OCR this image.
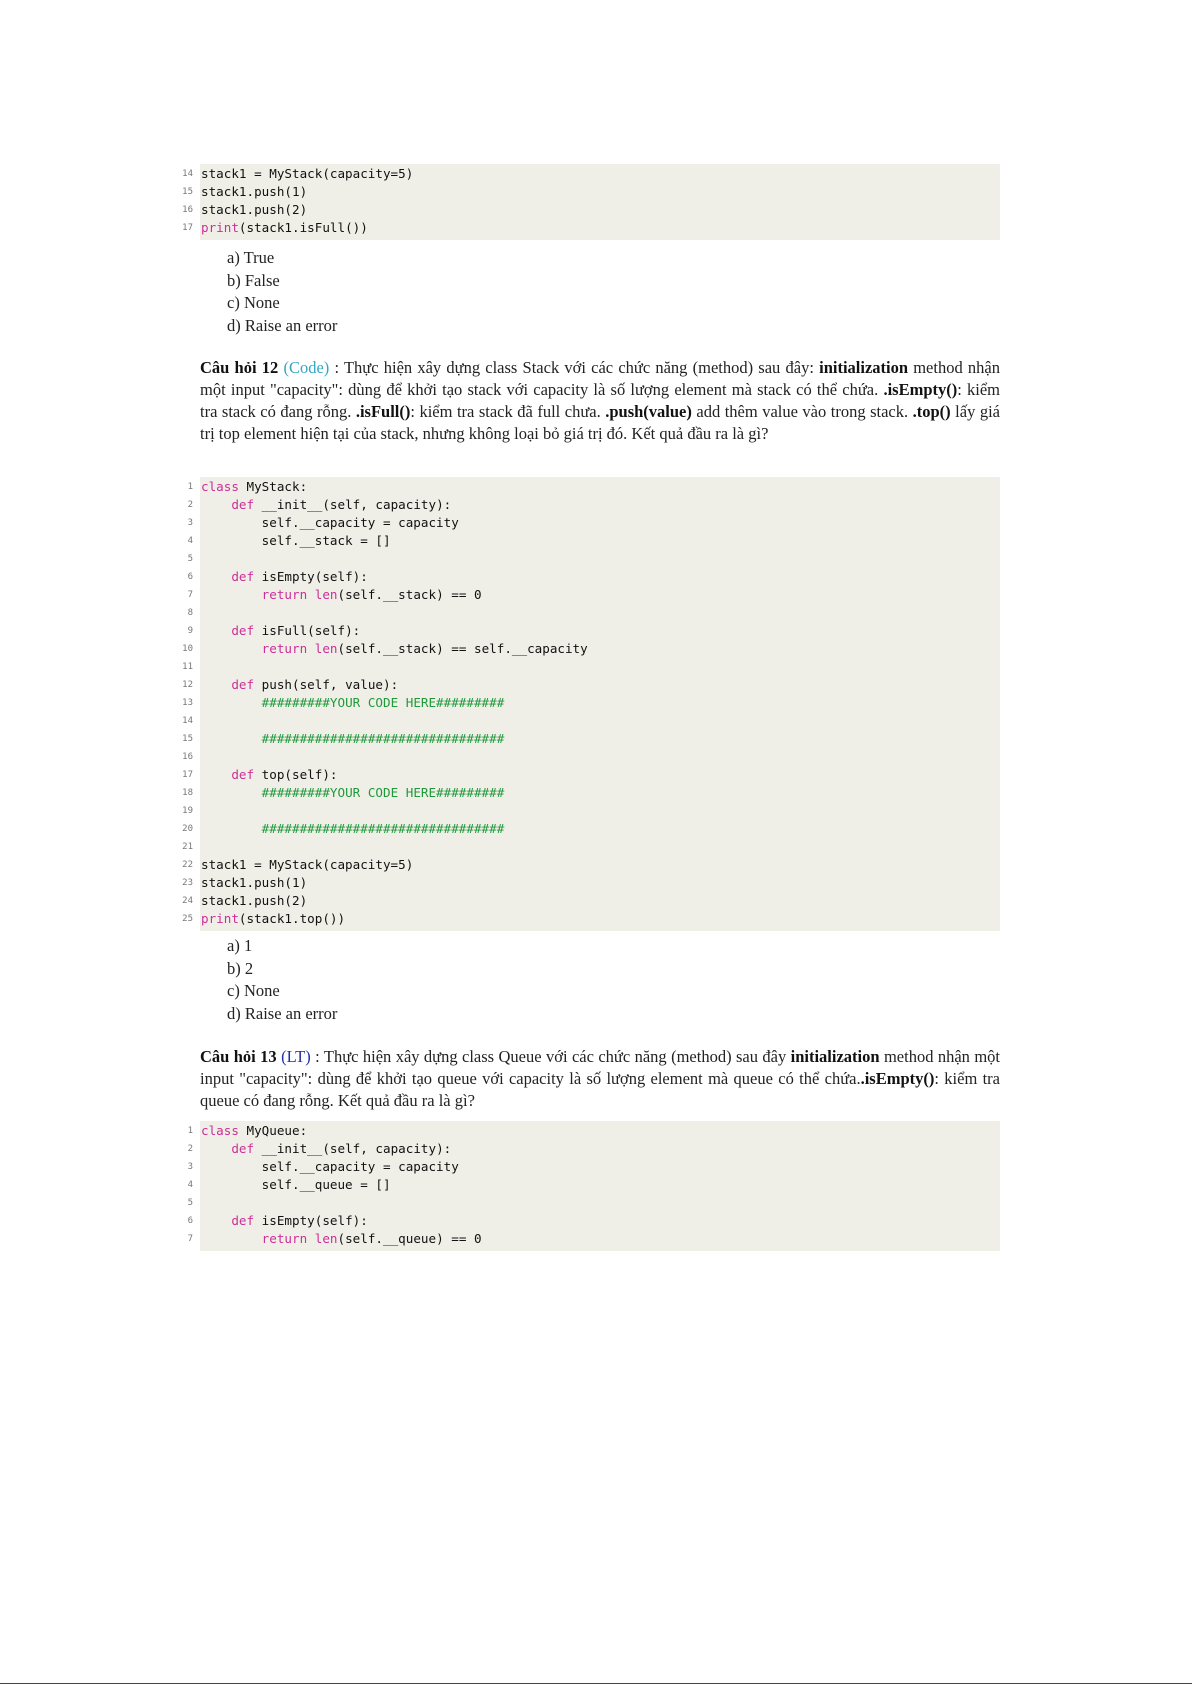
14 stack1 = MyStack(capacity=5)
15 stack1.push(1)
16 stack1.push(2)
17 print(stack1.isFull())
a) True
b) False
c) None
d) Raise an error
Câu hỏi 12 (Code) : Thực hiện xây dựng class Stack với các chức năng (method) sau đây: initialization method nhận một input "capacity": dùng để khởi tạo stack với capacity là số lượng element mà stack có thể chứa. .isEmpty(): kiểm tra stack có đang rỗng. .isFull(): kiểm tra stack đã full chưa. .push(value) add thêm value vào trong stack. .top() lấy giá trị top element hiện tại của stack, nhưng không loại bỏ giá trị đó. Kết quả đầu ra là gì?
1 class MyStack:
2	def __init__(self, capacity):
3 self.__capacity = capacity
4 self.__stack = []
5
6	def isEmpty(self):
7	return len(self.__stack) == 0
8
9	def isFull(self):
10	return len(self.__stack) == self.__capacity
11
12	def push(self, value):
13	#########YOUR CODE HERE#########
14
15	################################
16
17	def top(self):
18	#########YOUR CODE HERE#########
19
20	################################
21
22 stack1 = MyStack(capacity=5)
23 stack1.push(1)
24 stack1.push(2)
25 print(stack1.top())
a) 1
b) 2
c) None
d) Raise an error
Câu hỏi 13 (LT) : Thực hiện xây dựng class Queue với các chức năng (method) sau đây initialization method nhận một input "capacity": dùng để khởi tạo queue với capacity là số lượng element mà queue có thể chứa..isEmpty(): kiểm tra queue có đang rỗng. Kết quả đầu ra là gì?
1 class MyQueue:
2	def __init__(self, capacity):
3 self.__capacity = capacity
4 self.__queue = []
5
6	def isEmpty(self):
7	return len(self.__queue) == 0
